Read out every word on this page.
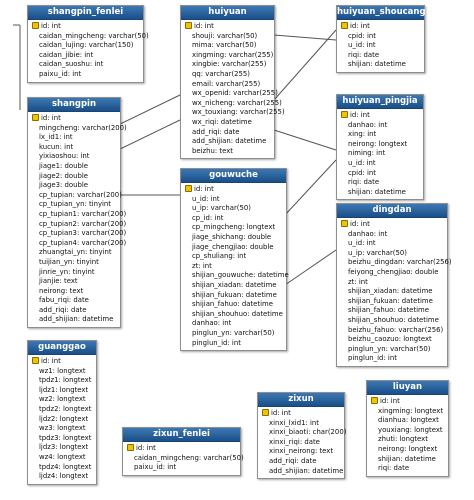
shangpin_fenlei
id: int
caidan_mingcheng: varchar(50)
caidan_lujing: varchar(150)
caidan_jibie: int
caidan_suoshu: int
paixu_id: int
huiyuan
id: int
shouji: varchar(50)
mima: varchar(50)
xingming: varchar(255)
xingbie: varchar(255)
qq: varchar(255)
email: varchar(255)
wx_openid: varchar(255)
wx_nicheng: varchar(255)
wx_touxiang: varchar(255)
wx_riqi: datetime
add_riqi: date
add_shijian: datetime
beizhu: text
huiyuan_shoucang
id: int
cpid: int
u_id: int
riqi: date
shijian: datetime
shangpin
id: int
mingcheng: varchar(200)
lx_id1: int
kucun: int
yixiaoshou: int
jiage1: double
jiage2: double
jiage3: double
cp_tupian: varchar(200)
cp_tupian_yn: tinyint
cp_tupian1: varchar(200)
cp_tupian2: varchar(200)
cp_tupian3: varchar(200)
cp_tupian4: varchar(200)
zhuangtai_yn: tinyint
tuijian_yn: tinyint
jinrie_yn: tinyint
jianjie: text
neirong: text
fabu_riqi: date
add_riqi: date
add_shijian: datetime
huiyuan_pingjia
id: int
danhao: int
xing: int
neirong: longtext
niming: int
u_id: int
cpid: int
riqi: date
shijian: datetime
gouwuche
id: int
u_id: int
u_ip: varchar(50)
cp_id: int
cp_mingcheng: longtext
jiage_shichang: double
jiage_chengjiao: double
cp_shuliang: int
zt: int
shijian_gouwuche: datetime
shijian_xiadan: datetime
shijian_fukuan: datetime
shijian_fahuo: datetime
shijian_shouhuo: datetime
danhao: int
pinglun_yn: varchar(50)
pinglun_id: int
dingdan
id: int
danhao: int
u_id: int
u_ip: varchar(50)
beizhu_dingdan: varchar(256)
feiyong_chengjiao: double
zt: int
shijian_xiadan: datetime
shijian_fukuan: datetime
shijian_fahuo: datetime
shijian_shouhuo: datetime
beizhu_fahuo: varchar(256)
beizhu_caozuo: longtext
pinglun_yn: varchar(50)
pinglun_id: int
guanggao
id: int
wz1: longtext
tpdz1: longtext
ljdz1: longtext
wz2: longtext
tpdz2: longtext
ljdz2: longtext
wz3: longtext
tpdz3: longtext
ljdz3: longtext
wz4: longtext
tpdz4: longtext
ljdz4: longtext
zixun_fenlei
id: int
caidan_mingcheng: varchar(50)
paixu_id: int
zixun
id: int
xinxi_lxid1: int
xinxi_biaoti: char(200)
xinxi_riqi: date
xinxi_neirong: text
add_riqi: date
add_shijian: datetime
liuyan
id: int
xingming: longtext
dianhua: longtext
youxiang: longtext
zhuti: longtext
neirong: longtext
shijian: datetime
riqi: date
